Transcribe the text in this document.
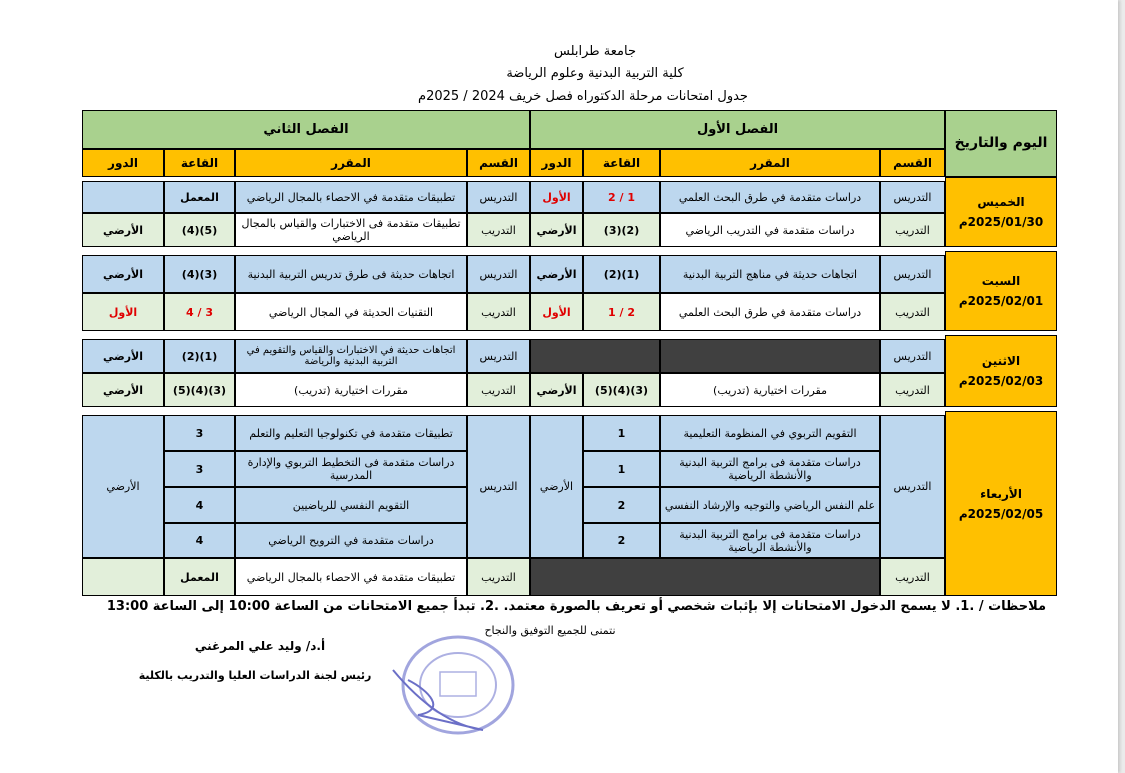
جامعة طرابلس
كلية التربية البدنية وعلوم الرياضة
جدول امتحانات مرحلة الدكتوراه فصل خريف 2024 / 2025م
اليوم والتاريخ
الفصل الأول
الفصل الثاني
القسم
المقرر
القاعة
الدور
القسم
المقرر
القاعة
الدور
الخميس
2025/01/30م
التدريس
دراسات متقدمة في طرق البحث العلمي
1 / 2
الأول
التدريس
تطبيقات متقدمة في الاحصاء بالمجال الرياضي
المعمل
التدريب
دراسات متقدمة في التدريب الرياضي
(2)(3)
الأرضي
التدريب
تطبيقات متقدمة فى الاختبارات والقياس بالمجال الرياضي
(5)(4)
الأرضي
السبت
2025/02/01م
التدريس
اتجاهات حديثة في مناهج التربية البدنية
(1)(2)
الأرضي
التدريس
اتجاهات حديثة فى طرق تدريس التربية البدنية
(3)(4)
الأرضي
التدريب
دراسات متقدمة في طرق البحث العلمي
2 / 1
الأول
التدريب
التقنيات الحديثة في المجال الرياضي
3 / 4
الأول
الاثنين
2025/02/03م
التدريس
التدريس
اتجاهات حديثة في الاختبارات والقياس والتقويم في التربية البدنية والرياضة
(1)(2)
الأرضي
التدريب
مقررات اختيارية (تدريب)
(3)(4)(5)
الأرضي
التدريب
مقررات اختيارية (تدريب)
(3)(4)(5)
الأرضي
الأربعاء
2025/02/05م
التدريس
التقويم التربوي في المنظومة التعليمية
دراسات متقدمة فى برامج التربية البدنية والأنشطة الرياضية
علم النفس الرياضي والتوجيه والإرشاد النفسي
دراسات متقدمة فى برامج التربية البدنية والأنشطة الرياضية
1
1
2
2
الأرضي
التدريس
تطبيقات متقدمة في تكنولوجيا التعليم والتعلم
دراسات متقدمة فى التخطيط التربوي والإدارة المدرسية
التقويم النفسي للرياضيين
دراسات متقدمة في الترويح الرياضي
3
3
4
4
الأرضي
التدريب
التدريب
تطبيقات متقدمة في الاحصاء بالمجال الرياضي
المعمل
ملاحظات / .1. لا يسمح الدخول الامتحانات إلا بإثبات شخصي أو تعريف بالصورة معتمد. .2. تبدأ جميع الامتحانات من الساعة 10:00 إلى الساعة 13:00
نتمنى للجميع التوفيق والنجاح
أ.د/ وليد علي المرغني
رئيس لجنة الدراسات العليا والتدريب بالكلية
